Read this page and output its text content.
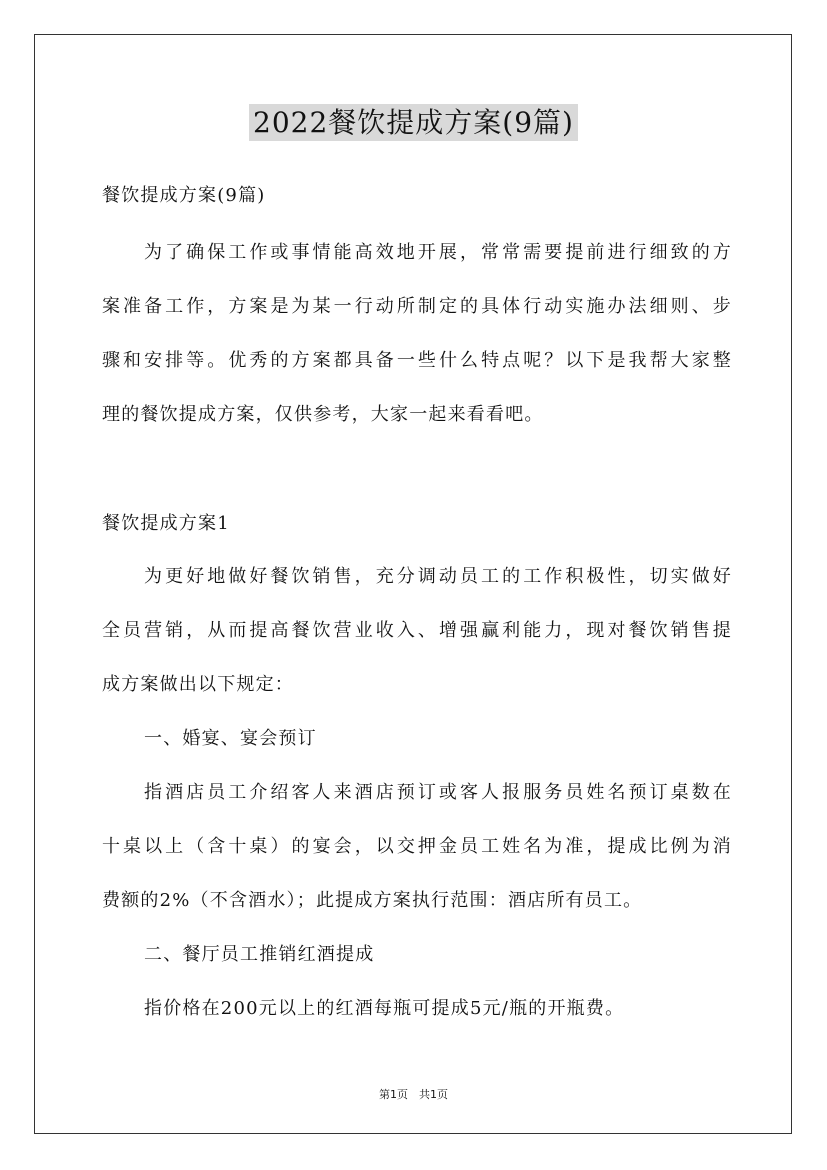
2022餐饮提成方案(9篇)
餐饮提成方案(9篇)
为了确保工作或事情能高效地开展，常常需要提前进行细致的方
案准备工作，方案是为某一行动所制定的具体行动实施办法细则、步
骤和安排等。优秀的方案都具备一些什么特点呢？以下是我帮大家整
理的餐饮提成方案，仅供参考，大家一起来看看吧。
餐饮提成方案1
为更好地做好餐饮销售，充分调动员工的工作积极性，切实做好
全员营销，从而提高餐饮营业收入、增强赢利能力，现对餐饮销售提
成方案做出以下规定：
一、婚宴、宴会预订
指酒店员工介绍客人来酒店预订或客人报服务员姓名预订桌数在
十桌以上（含十桌）的宴会，以交押金员工姓名为准，提成比例为消
费额的2%（不含酒水）；此提成方案执行范围：酒店所有员工。
二、餐厅员工推销红酒提成
指价格在200元以上的红酒每瓶可提成5元/瓶的开瓶费。
第1页　共1页
